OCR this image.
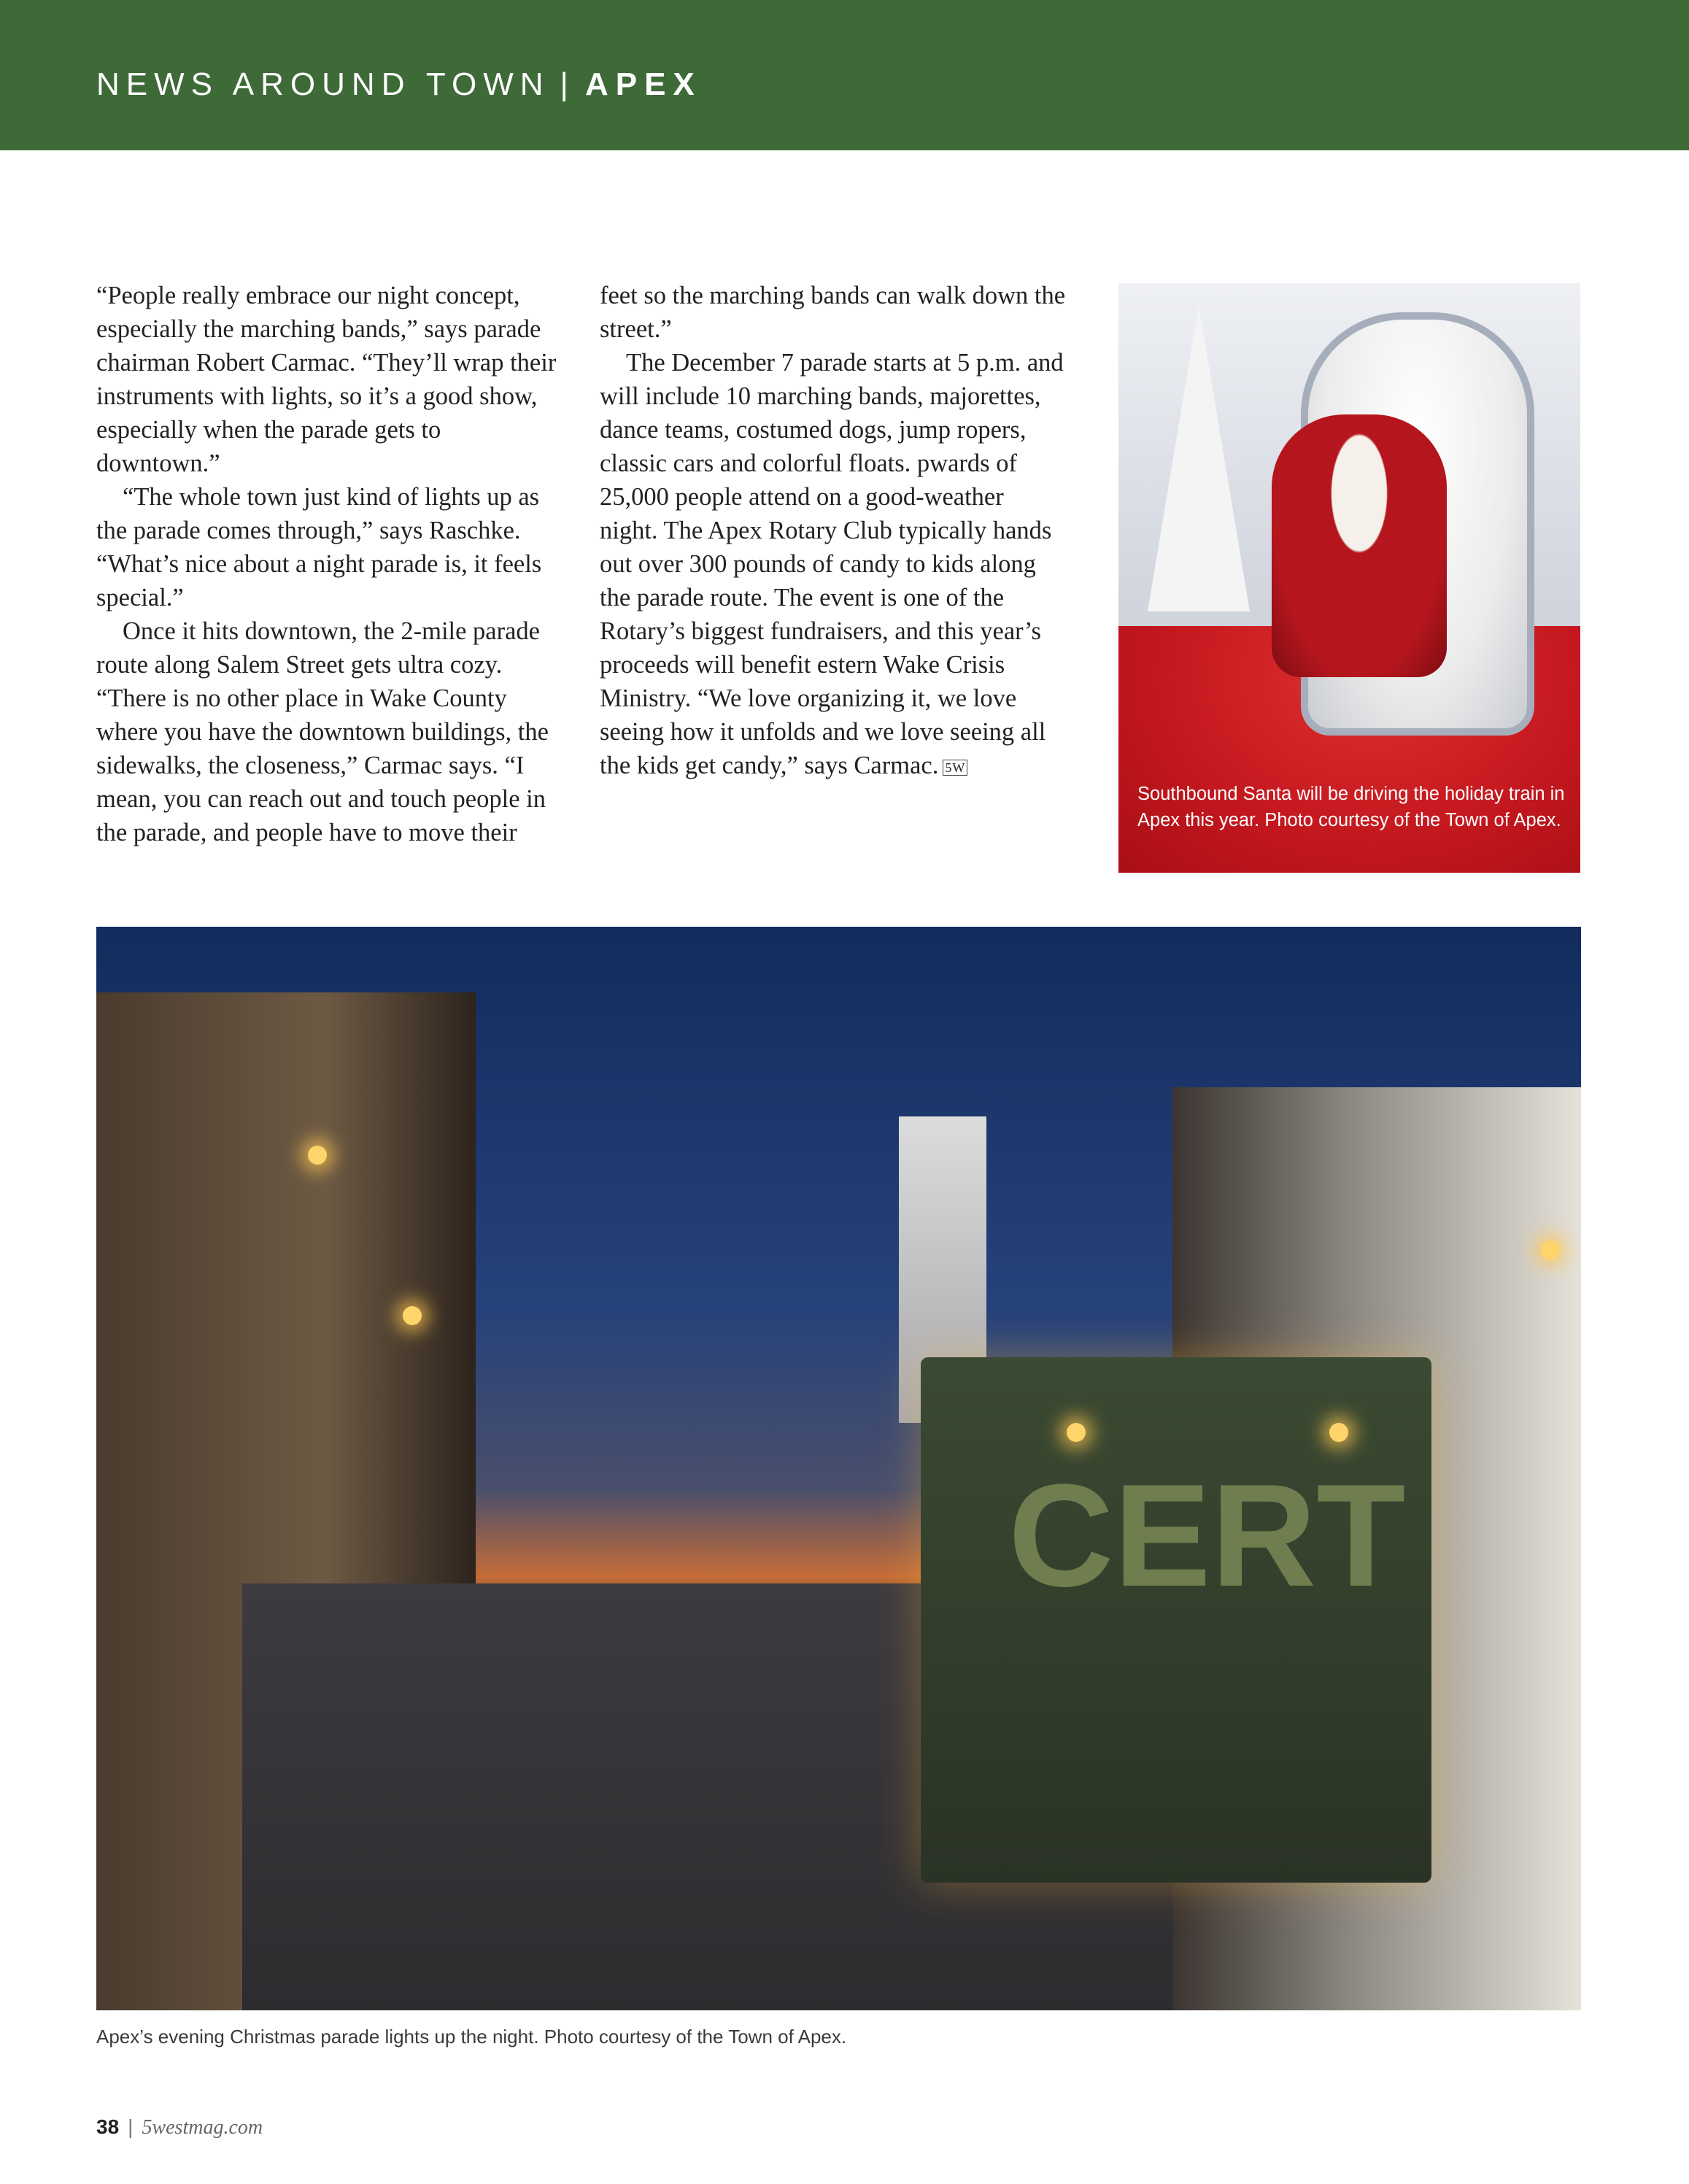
NEWS AROUND TOWN | APEX

“People really embrace our night concept, especially the marching bands,” says parade chairman Robert Carmac. “They’ll wrap their instruments with lights, so it’s a good show, especially when the parade gets to downtown.”

“The whole town just kind of lights up as the parade comes through,” says Raschke. “What’s nice about a night parade is, it feels special.”

Once it hits downtown, the 2-mile parade route along Salem Street gets ultra cozy. “There is no other place in Wake County where you have the downtown buildings, the sidewalks, the closeness,” Carmac says. “I mean, you can reach out and touch people in the parade, and people have to move their

feet so the marching bands can walk down the street.”

The December 7 parade starts at 5 p.m. and will include 10 marching bands, majorettes, dance teams, costumed dogs, jump ropers, classic cars and colorful floats. pwards of 25,000 people attend on a good-weather night. The Apex Rotary Club typically hands out over 300 pounds of candy to kids along the parade route. The event is one of the Rotary’s biggest fundraisers, and this year’s proceeds will benefit estern Wake Crisis Ministry. “We love organizing it, we love seeing how it unfolds and we love seeing all the kids get candy,” says Carmac. 5W

Southbound Santa will be driving the holiday train in Apex this year. Photo courtesy of the Town of Apex.
CERT
Apex’s evening Christmas parade lights up the night. Photo courtesy of the Town of Apex.
38 | 5westmag.com
